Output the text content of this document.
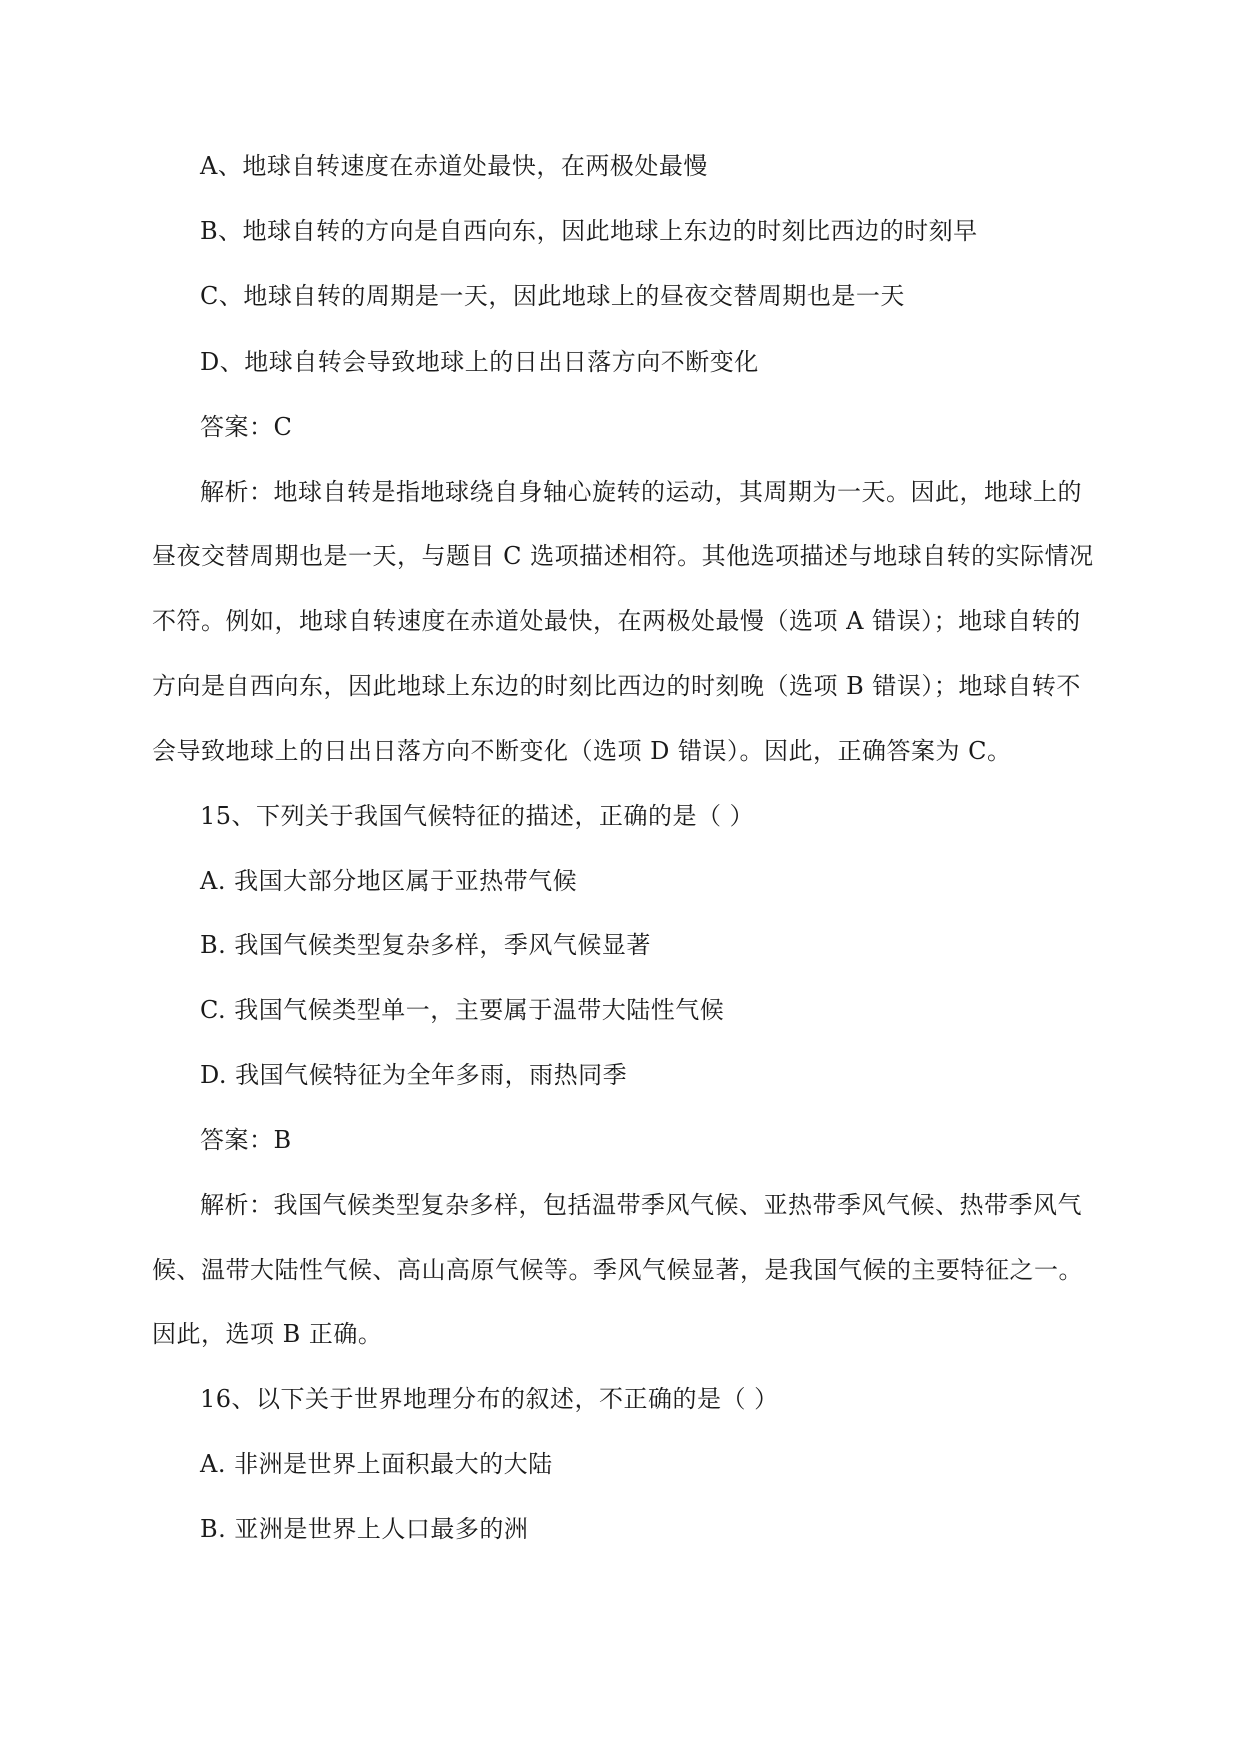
A、地球自转速度在赤道处最快，在两极处最慢
B、地球自转的方向是自西向东，因此地球上东边的时刻比西边的时刻早
C、地球自转的周期是一天，因此地球上的昼夜交替周期也是一天
D、地球自转会导致地球上的日出日落方向不断变化
答案：C
解析：地球自转是指地球绕自身轴心旋转的运动，其周期为一天。因此，地球上的
昼夜交替周期也是一天，与题目 C 选项描述相符。其他选项描述与地球自转的实际情况
不符。例如，地球自转速度在赤道处最快，在两极处最慢（选项 A 错误）；地球自转的
方向是自西向东，因此地球上东边的时刻比西边的时刻晚（选项 B 错误）；地球自转不
会导致地球上的日出日落方向不断变化（选项 D 错误）。因此，正确答案为 C。
15、下列关于我国气候特征的描述，正确的是（ ）
A. 我国大部分地区属于亚热带气候
B. 我国气候类型复杂多样，季风气候显著
C. 我国气候类型单一，主要属于温带大陆性气候
D. 我国气候特征为全年多雨，雨热同季
答案：B
解析：我国气候类型复杂多样，包括温带季风气候、亚热带季风气候、热带季风气
候、温带大陆性气候、高山高原气候等。季风气候显著，是我国气候的主要特征之一。
因此，选项 B 正确。
16、以下关于世界地理分布的叙述，不正确的是（ ）
A. 非洲是世界上面积最大的大陆
B. 亚洲是世界上人口最多的洲
